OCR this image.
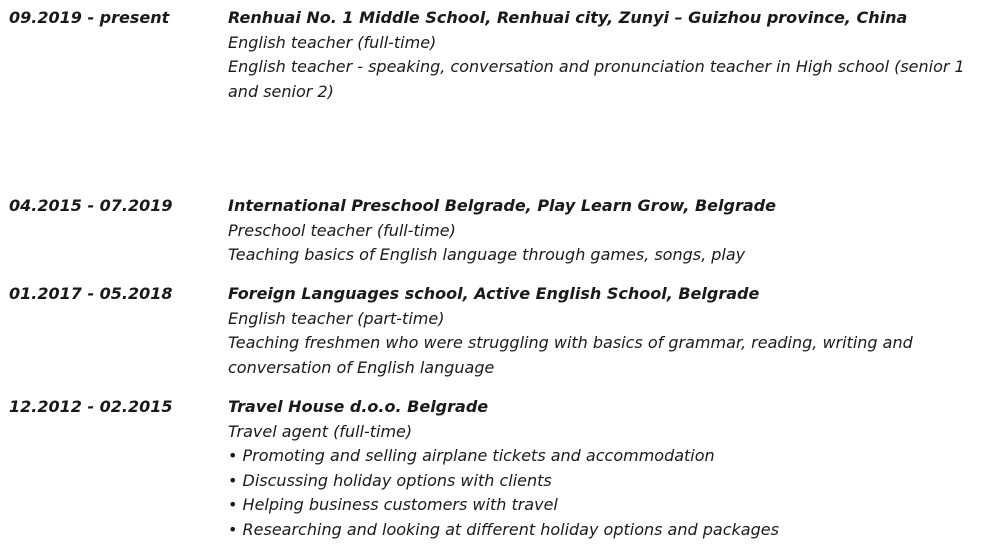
09.2019 - present	Renhuai No. 1 Middle School, Renhuai city, Zunyi – Guizhou province, China
English teacher (full-time)
English teacher - speaking, conversation and pronunciation teacher in High school (senior 1 and senior 2)
04.2015 - 07.2019	International Preschool Belgrade, Play Learn Grow, Belgrade
Preschool teacher (full-time)
Teaching basics of English language through games, songs, play
01.2017 - 05.2018	Foreign Languages school, Active English School, Belgrade
English teacher (part-time)
Teaching freshmen who were struggling with basics of grammar, reading, writing and conversation of English language
12.2012 - 02.2015	Travel House d.o.o. Belgrade
Travel agent (full-time)
• Promoting and selling airplane tickets and accommodation
• Discussing holiday options with clients
• Helping business customers with travel
• Researching and looking at different holiday options and packages
